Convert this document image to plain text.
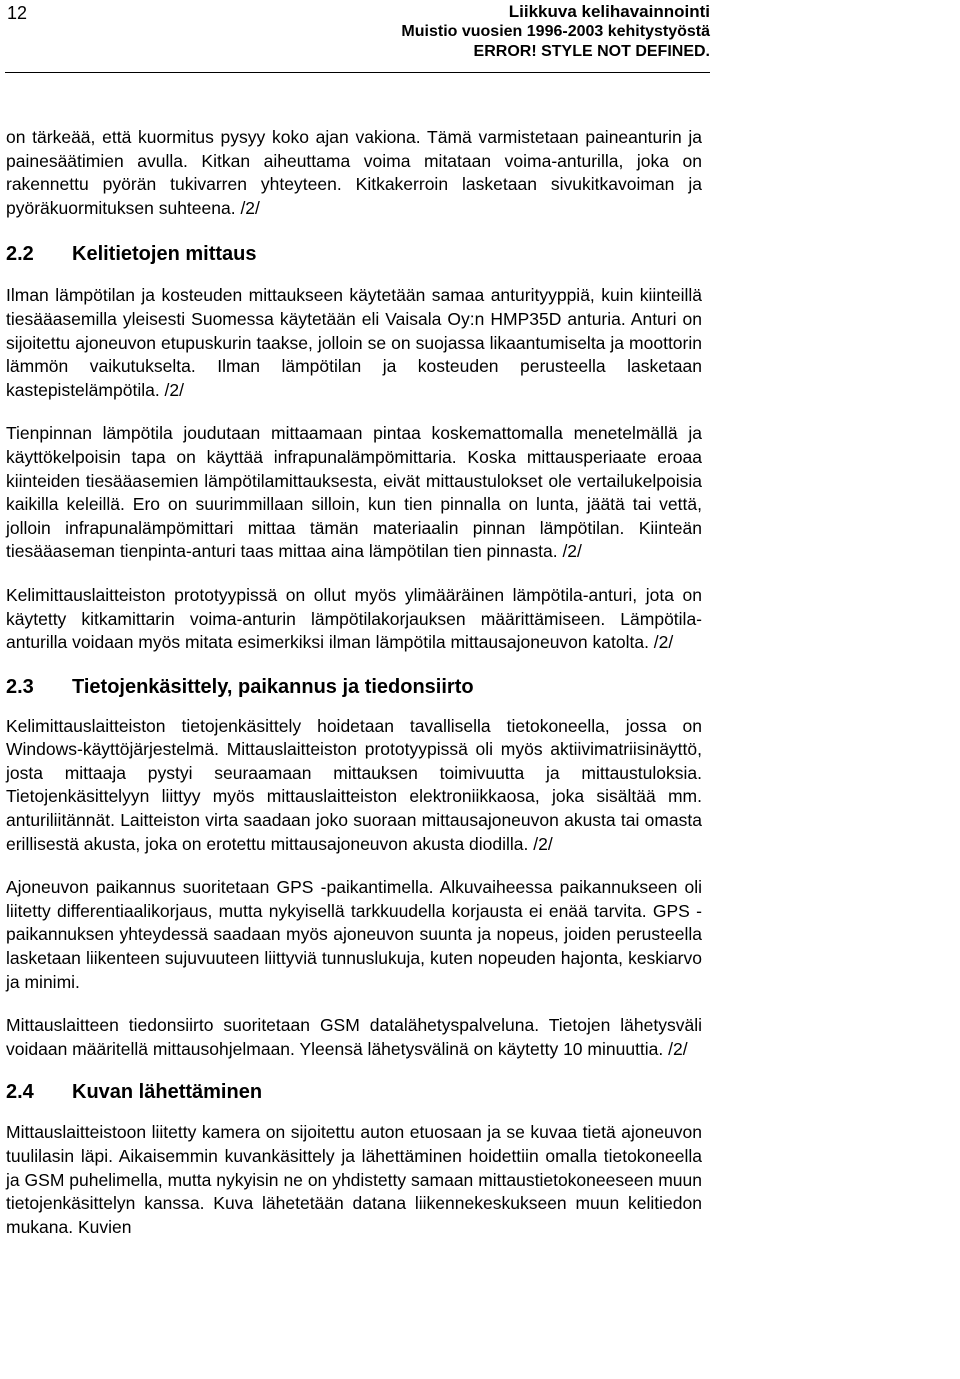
12	Liikkuva kelihavainnointi
Muistio vuosien 1996-2003 kehitystyöstä
ERROR! STYLE NOT DEFINED.

on tärkeää, että kuormitus pysyy koko ajan vakiona. Tämä varmistetaan paineanturin ja painesäätimien avulla. Kitkan aiheuttama voima mitataan voima-anturilla, joka on rakennettu pyörän tukivarren yhteyteen. Kitkakerroin lasketaan sivukitkavoiman ja pyöräkuormituksen suhteena. /2/

2.2 Kelitietojen mittaus

Ilman lämpötilan ja kosteuden mittaukseen käytetään samaa anturityyppiä, kuin kiinteillä tiesääasemilla yleisesti Suomessa käytetään eli Vaisala Oy:n HMP35D anturia. Anturi on sijoitettu ajoneuvon etupuskurin taakse, jolloin se on suojassa likaantumiselta ja moottorin lämmön vaikutukselta. Ilman lämpötilan ja kosteuden perusteella lasketaan kastepistelämpötila. /2/

Tienpinnan lämpötila joudutaan mittaamaan pintaa koskemattomalla menetelmällä ja käyttökelpoisin tapa on käyttää infrapunalämpömittaria. Koska mittausperiaate eroaa kiinteiden tiesääasemien lämpötilamittauksesta, eivät mittaustulokset ole vertailukelpoisia kaikilla keleillä. Ero on suurimmillaan silloin, kun tien pinnalla on lunta, jäätä tai vettä, jolloin infrapunalämpömittari mittaa tämän materiaalin pinnan lämpötilan. Kiinteän tiesääaseman tienpinta-anturi taas mittaa aina lämpötilan tien pinnasta. /2/

Kelimittauslaitteiston prototyypissä on ollut myös ylimääräinen lämpötila-anturi, jota on käytetty kitkamittarin voima-anturin lämpötilakorjauksen määrittämiseen. Lämpötila-anturilla voidaan myös mitata esimerkiksi ilman lämpötila mittausajoneuvon katolta. /2/

2.3 Tietojenkäsittely, paikannus ja tiedonsiirto

Kelimittauslaitteiston tietojenkäsittely hoidetaan tavallisella tietokoneella, jossa on Windows-käyttöjärjestelmä. Mittauslaitteiston prototyypissä oli myös aktiivimatriisinäyttö, josta mittaaja pystyi seuraamaan mittauksen toimivuutta ja mittaustuloksia. Tietojenkäsittelyyn liittyy myös mittauslaitteiston elektroniikkaosa, joka sisältää mm. anturiliitännät. Laitteiston virta saadaan joko suoraan mittausajoneuvon akusta tai omasta erillisestä akusta, joka on erotettu mittausajoneuvon akusta diodilla. /2/

Ajoneuvon paikannus suoritetaan GPS -paikantimella. Alkuvaiheessa paikannukseen oli liitetty differentiaalikorjaus, mutta nykyisellä tarkkuudella korjausta ei enää tarvita. GPS -paikannuksen yhteydessä saadaan myös ajoneuvon suunta ja nopeus, joiden perusteella lasketaan liikenteen sujuvuuteen liittyviä tunnuslukuja, kuten nopeuden hajonta, keskiarvo ja minimi.

Mittauslaitteen tiedonsiirto suoritetaan GSM datalähetyspalveluna. Tietojen lähetysväli voidaan määritellä mittausohjelmaan. Yleensä lähetysvälinä on käytetty 10 minuuttia. /2/

2.4 Kuvan lähettäminen

Mittauslaitteistoon liitetty kamera on sijoitettu auton etuosaan ja se kuvaa tietä ajoneuvon tuulilasin läpi. Aikaisemmin kuvankäsittely ja lähettäminen hoidettiin omalla tietokoneella ja GSM puhelimella, mutta nykyisin ne on yhdistetty samaan mittaustietokoneeseen muun tietojenkäsittelyn kanssa. Kuva lähetetään datana liikennekeskukseen muun kelitiedon mukana. Kuvien
